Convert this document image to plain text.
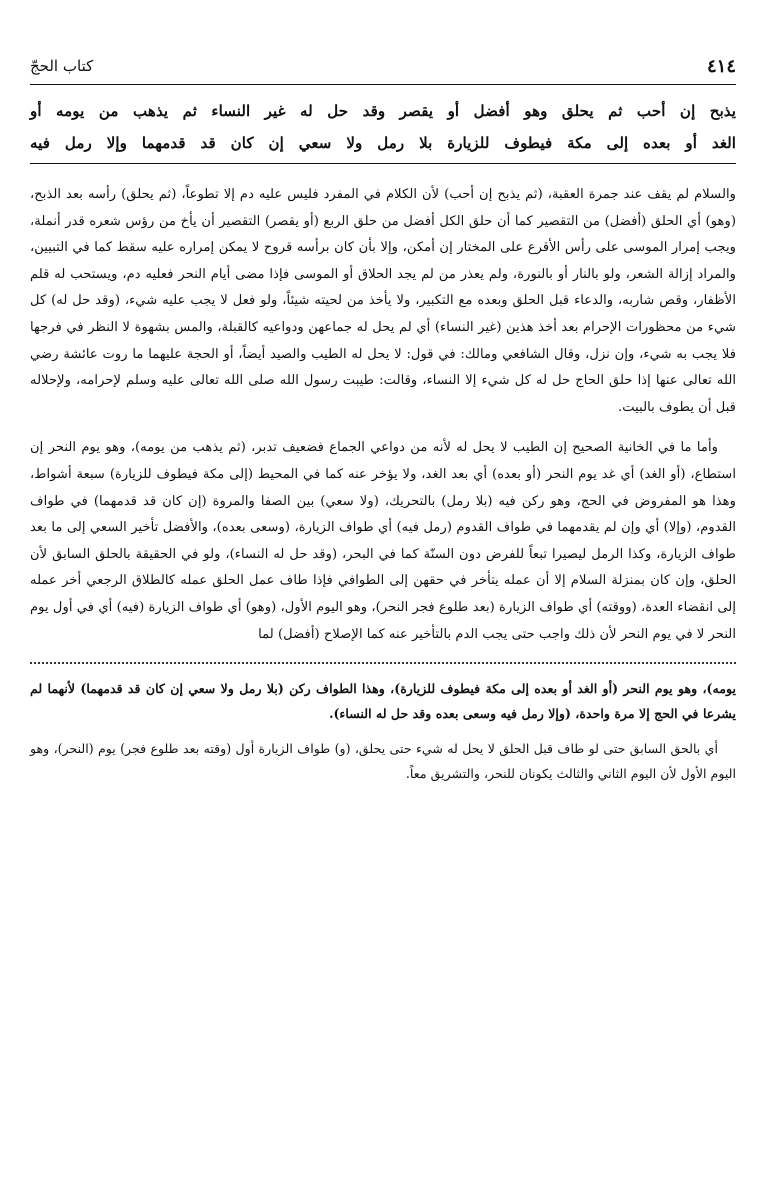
٤١٤
كتاب الحجّ

يذبح إن أحب ثم يحلق وهو أفضل أو يقصر وقد حل له غير النساء ثم يذهب من يومه أو

الغد أو بعده إلى مكة فيطوف للزيارة بلا رمل ولا سعي إن كان قد قدمهما وإلا رمل فيه

والسلام لم يقف عند جمرة العقبة، (ثم يذبح إن أحب) لأن الكلام في المفرد فليس عليه دم إلا تطوعاً، (ثم يحلق) رأسه بعد الذبح، (وهو) أي الحلق (أفضل) من التقصير كما أن حلق الكل أفضل من حلق الربع (أو يقصر) التقصير أن يأخ من رؤس شعره قدر أنملة، ويجب إمرار الموسى على رأس الأقرع على المختار إن أمكن، وإلا بأن كان برأسه قروح لا يمكن إمراره عليه سقط كما في التبيين، والمراد إزالة الشعر، ولو بالنار أو بالنورة، ولم يعذر من لم يجد الحلاق أو الموسى فإذا مضى أيام النحر فعليه دم، ويستحب له قلم الأظفار، وقص شاربه، والدعاء قبل الحلق وبعده مع التكبير، ولا يأخذ من لحيته شيئاً، ولو فعل لا يجب عليه شيء، (وقد حل له) كل شيء من محظورات الإحرام بعد أخذ هذين (غير النساء) أي لم يحل له جماعهن ودواعيه كالقبلة، والمس بشهوة لا النظر في فرجها فلا يجب به شيء، وإن نزل، وقال الشافعي ومالك: في قول: لا يحل له الطيب والصيد أيضاً، أو الحجة عليهما ما روت عائشة رضي الله تعالى عنها إذا حلق الحاج حل له كل شيء إلا النساء، وقالت: طيبت رسول الله صلى الله تعالى عليه وسلم لإحرامه، ولإحلاله قبل أن يطوف بالبيت.

وأما ما في الخانية الصحيح إن الطيب لا يحل له لأنه من دواعي الجماع فضعيف تدبر، (ثم يذهب من يومه)، وهو يوم النحر إن استطاع، (أو الغد) أي غد يوم النحر (أو بعده) أي بعد الغد، ولا يؤخر عنه كما في المحيط (إلى مكة فيطوف للزيارة) سبعة أشواط، وهذا هو المفروض في الحج، وهو ركن فيه (بلا رمل) بالتحريك، (ولا سعي) بين الصفا والمروة (إن كان قد قدمهما) في طواف القدوم، (وإلا) أي وإن لم يقدمهما في طواف القدوم (رمل فيه) أي طواف الزيارة، (وسعى بعده)، والأفضل تأخير السعي إلى ما بعد طواف الزيارة، وكذا الرمل ليصيرا تبعاً للفرض دون السنّة كما في البحر، (وقد حل له النساء)، ولو في الحقيقة بالحلق السابق لأن الحلق، وإن كان بمنزلة السلام إلا أن عمله يتأخر في حقهن إلى الطوافي فإذا طاف عمل الحلق عمله كالطلاق الرجعي أخر عمله إلى انقضاء العدة، (ووقته) أي طواف الزيارة (بعد طلوع فجر النحر)، وهو اليوم الأول، (وهو) أي طواف الزيارة (فيه) أي في أول يوم النحر لا في يوم النحر لأن ذلك واجب حتى يجب الدم بالتأخير عنه كما الإصلاح (أفضل) لما

يومه)، وهو يوم النحر (أو الغد أو بعده إلى مكة فيطوف للزيارة)، وهذا الطواف ركن (بلا رمل ولا سعي إن كان قد قدمهما) لأنهما لم يشرعا في الحج إلا مرة واحدة، (وإلا رمل فيه وسعى بعده وقد حل له النساء).

أي بالحق السابق حتى لو طاف قبل الحلق لا يحل له شيء حتى يحلق، (و) طواف الزيارة أول (وقته بعد طلوع فجر) يوم (النحر)، وهو اليوم الأول لأن اليوم الثاني والثالث يكونان للنحر، والتشريق معاً.
